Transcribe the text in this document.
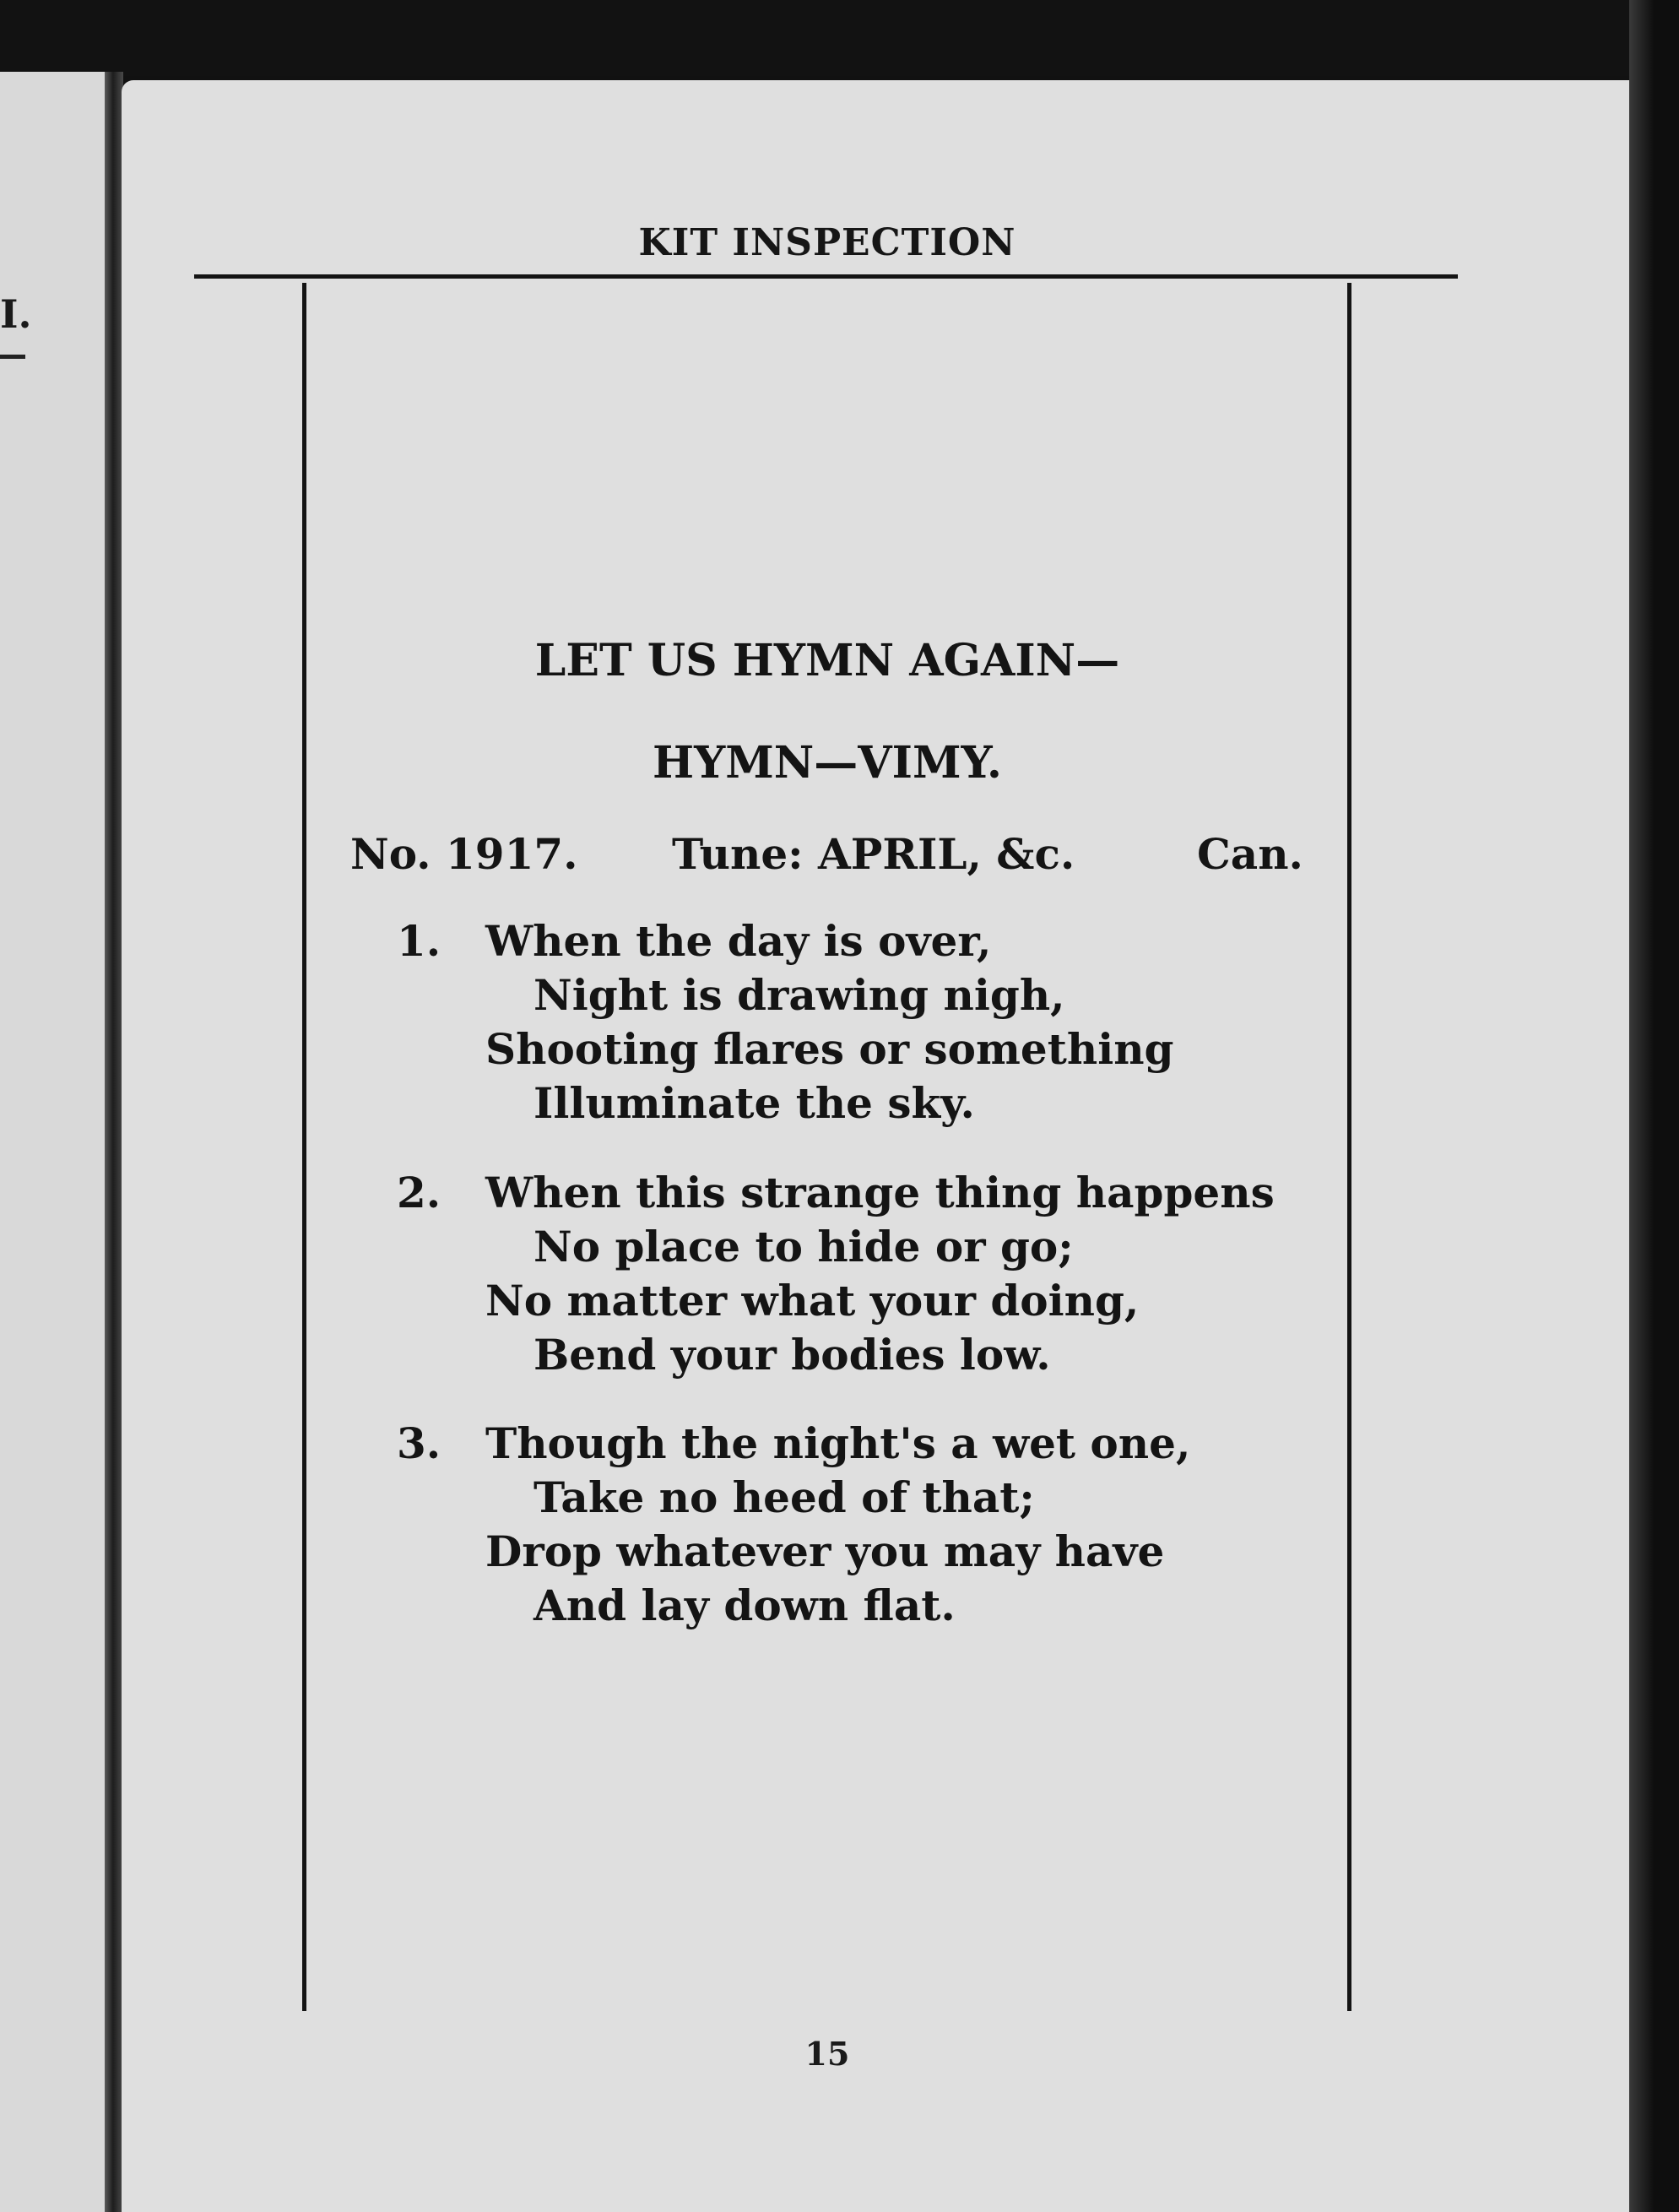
I.
KIT INSPECTION
LET US HYMN AGAIN—
HYMN—VIMY.
No. 1917. Tune: APRIL, &c.	Can.
1. When the day is over,
Night is drawing nigh,
Shooting flares or something
Illuminate the sky.
2. When this strange thing happens
No place to hide or go;
No matter what your doing,
Bend your bodies low.
3. Though the night's a wet one,
Take no heed of that;
Drop whatever you may have
And lay down flat.
15
